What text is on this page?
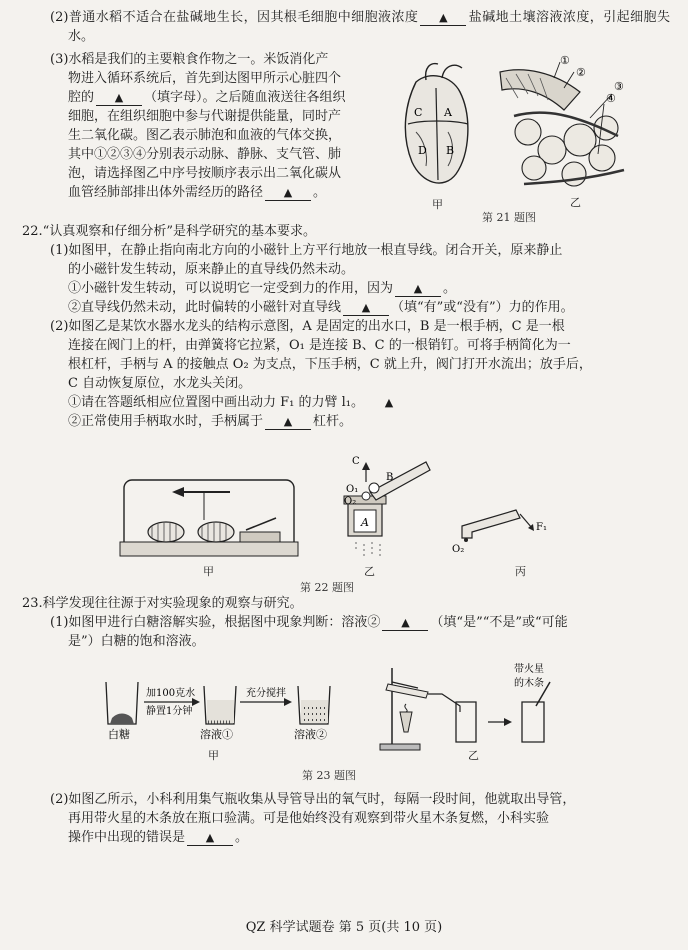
(2)普通水稻不适合在盐碱地生长，因其根毛细胞中细胞液浓度 ▲ 盐碱地土壤溶液浓度，引起细胞失水。

(3)水稻是我们的主要粮食作物之一。米饭消化产
物进入循环系统后，首先到达图甲所示心脏四个
腔的 ▲ （填字母）。之后随血液送往各组织
细胞，在组织细胞中参与代谢提供能量，同时产
生二氧化碳。图乙表示肺泡和血液的气体交换，
其中①②③④分别表示动脉、静脉、支气管、肺
泡，请选择图乙中序号按顺序表示出二氧化碳从
血管经肺部排出体外需经历的路径 ▲ 。

C A
D B
甲
①
②
③
④
乙
第 21 题图

22.“认真观察和仔细分析”是科学研究的基本要求。

(1)如图甲，在静止指向南北方向的小磁针上方平行地放一根直导线。闭合开关，原来静止
的小磁针发生转动，原来静止的直导线仍然未动。

①小磁针发生转动，可以说明它一定受到力的作用，因为 ▲ 。

②直导线仍然未动，此时偏转的小磁针对直导线 ▲ （填“有”或“没有”）力的作用。

(2)如图乙是某饮水器水龙头的结构示意图，A 是固定的出水口，B 是一根手柄，C 是一根
连接在阀门上的杆，由弹簧将它拉紧，O₁ 是连接 B、C 的一根销钉。可将手柄简化为一
根杠杆，手柄与 A 的接触点 O₂ 为支点，下压手柄，C 就上升，阀门打开水流出；放手后，
C 自动恢复原位，水龙头关闭。

①请在答题纸相应位置图中画出动力 F₁ 的力臂 l₁。 ▲

②正常使用手柄取水时，手柄属于 ▲ 杠杆。

甲
C
O₁
B
O₂
A
乙
F₁
O₂
丙
第 22 题图

23.科学发现往往源于对实验现象的观察与研究。

(1)如图甲进行白糖溶解实验，根据图中现象判断：溶液② ▲ （填“是”“不是”或“可能
是”）白糖的饱和溶液。

加100克水
静置1分钟
充分搅拌
白糖	溶液①	溶液②
甲
带火星
的木条
乙
第 23 题图

(2)如图乙所示，小科利用集气瓶收集从导管导出的氧气时，每隔一段时间，他就取出导管，
再用带火星的木条放在瓶口验满。可是他始终没有观察到带火星木条复燃，小科实验
操作中出现的错误是 ▲ 。

QZ 科学试题卷 第 5 页(共 10 页)
